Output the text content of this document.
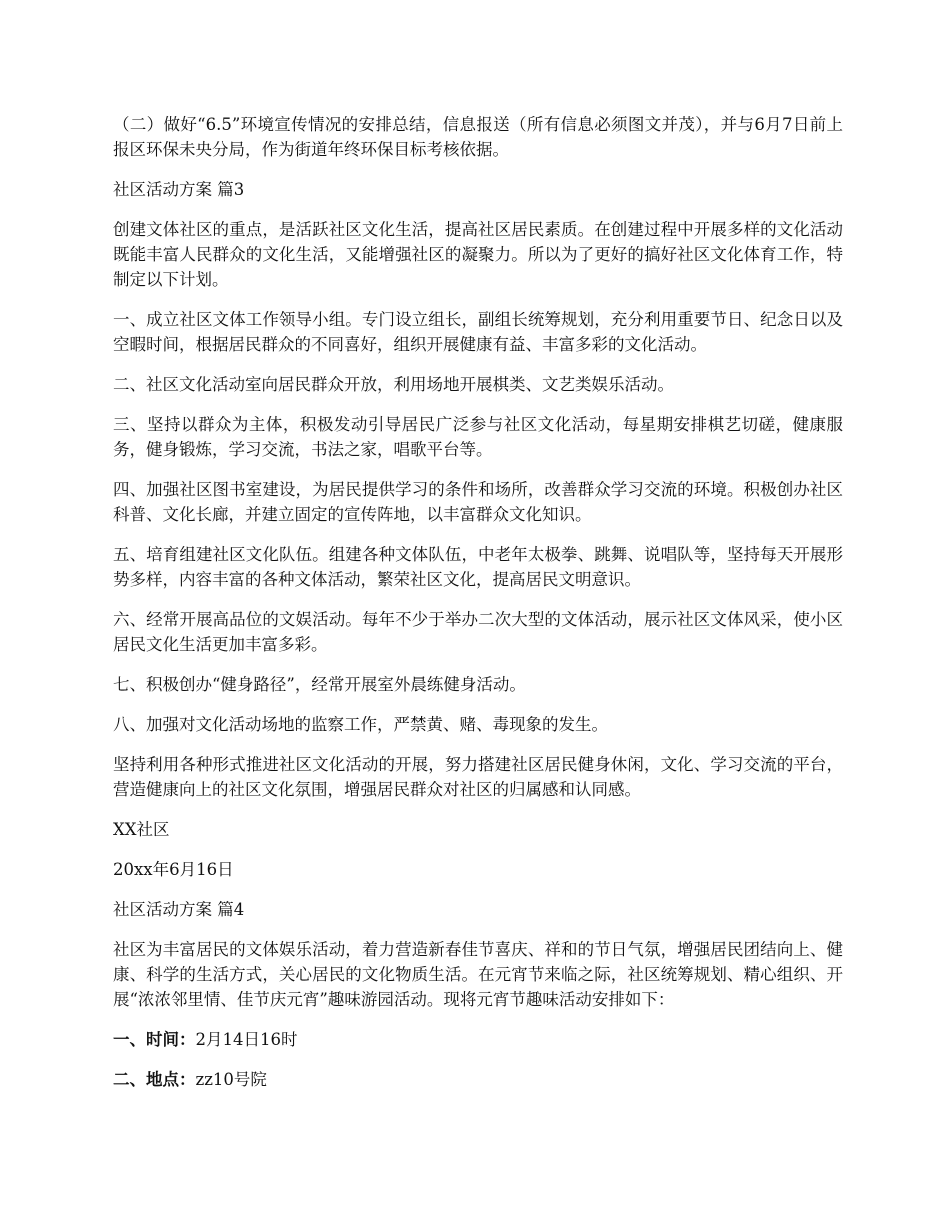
（二）做好“6.5”环境宣传情况的安排总结，信息报送（所有信息必须图文并茂），并与6月7日前上报区环保未央分局，作为街道年终环保目标考核依据。

社区活动方案 篇3

创建文体社区的重点，是活跃社区文化生活，提高社区居民素质。在创建过程中开展多样的文化活动既能丰富人民群众的文化生活，又能增强社区的凝聚力。所以为了更好的搞好社区文化体育工作，特制定以下计划。

一、成立社区文体工作领导小组。专门设立组长，副组长统筹规划，充分利用重要节日、纪念日以及空暇时间，根据居民群众的不同喜好，组织开展健康有益、丰富多彩的文化活动。

二、社区文化活动室向居民群众开放，利用场地开展棋类、文艺类娱乐活动。

三、坚持以群众为主体，积极发动引导居民广泛参与社区文化活动，每星期安排棋艺切磋，健康服务，健身锻炼，学习交流，书法之家，唱歌平台等。

四、加强社区图书室建设，为居民提供学习的条件和场所，改善群众学习交流的环境。积极创办社区科普、文化长廊，并建立固定的宣传阵地，以丰富群众文化知识。

五、培育组建社区文化队伍。组建各种文体队伍，中老年太极拳、跳舞、说唱队等，坚持每天开展形势多样，内容丰富的各种文体活动，繁荣社区文化，提高居民文明意识。

六、经常开展高品位的文娱活动。每年不少于举办二次大型的文体活动，展示社区文体风采，使小区居民文化生活更加丰富多彩。

七、积极创办“健身路径”，经常开展室外晨练健身活动。

八、加强对文化活动场地的监察工作，严禁黄、赌、毒现象的发生。

坚持利用各种形式推进社区文化活动的开展，努力搭建社区居民健身休闲，文化、学习交流的平台，营造健康向上的社区文化氛围，增强居民群众对社区的归属感和认同感。

XX社区

20xx年6月16日

社区活动方案 篇4

社区为丰富居民的文体娱乐活动，着力营造新春佳节喜庆、祥和的节日气氛，增强居民团结向上、健康、科学的生活方式，关心居民的文化物质生活。在元宵节来临之际，社区统筹规划、精心组织、开展“浓浓邻里情、佳节庆元宵”趣味游园活动。现将元宵节趣味活动安排如下：

一、时间：2月14日16时

二、地点：zz10号院
